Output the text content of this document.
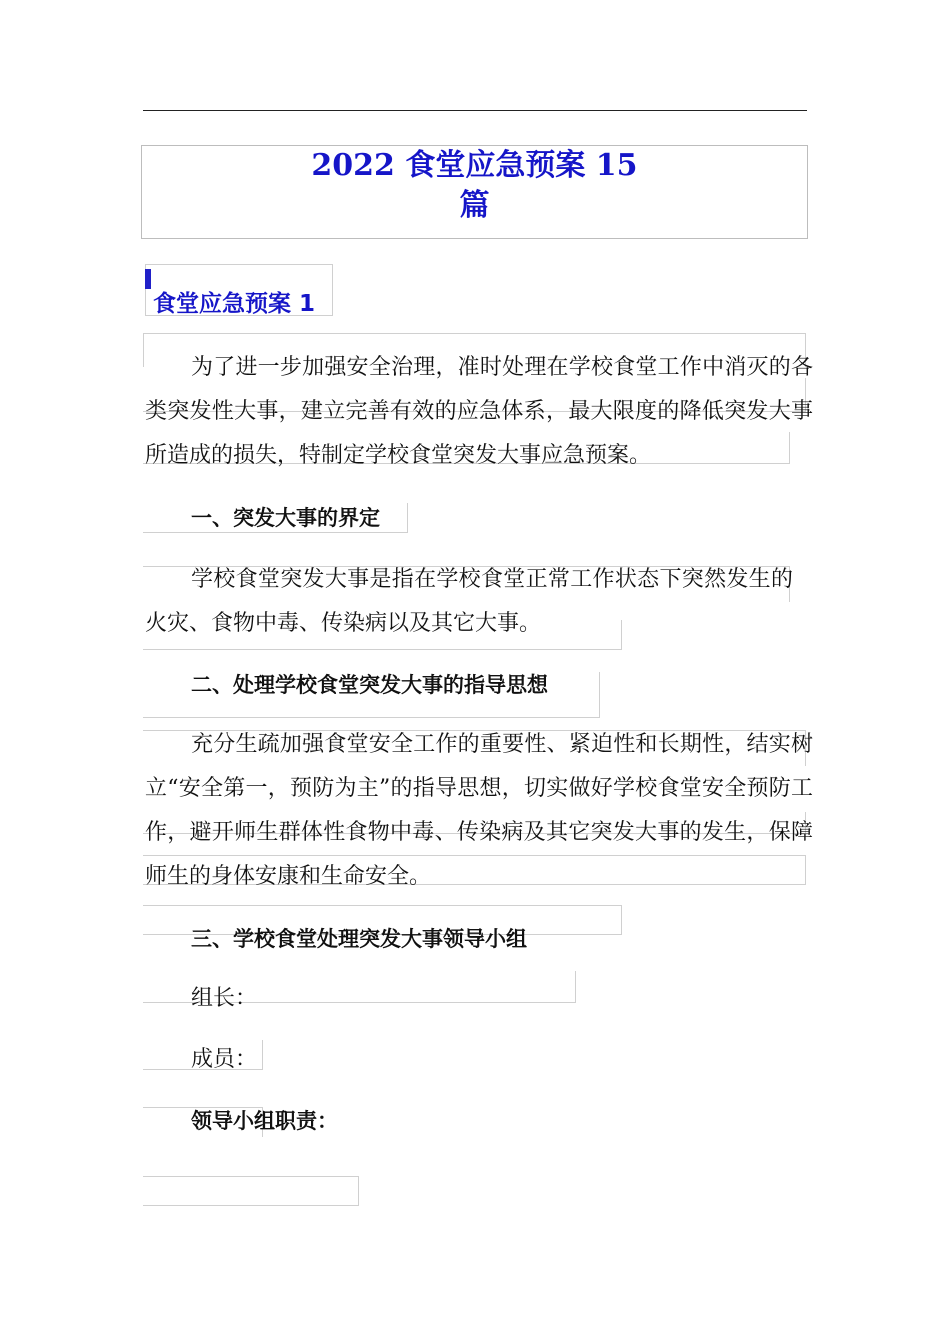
2022 食堂应急预案 15 篇
食堂应急预案 1

为了进一步加强安全治理，准时处理在学校食堂工作中消灭的各类突发性大事，建立完善有效的应急体系，最大限度的降低突发大事所造成的损失，特制定学校食堂突发大事应急预案。

一、突发大事的界定

学校食堂突发大事是指在学校食堂正常工作状态下突然发生的火灾、食物中毒、传染病以及其它大事。

二、处理学校食堂突发大事的指导思想

充分生疏加强食堂安全工作的重要性、紧迫性和长期性，结实树立“安全第一，预防为主”的指导思想，切实做好学校食堂安全预防工作，避开师生群体性食物中毒、传染病及其它突发大事的发生，保障师生的身体安康和生命安全。

三、学校食堂处理突发大事领导小组

组长：

成员：

领导小组职责：
